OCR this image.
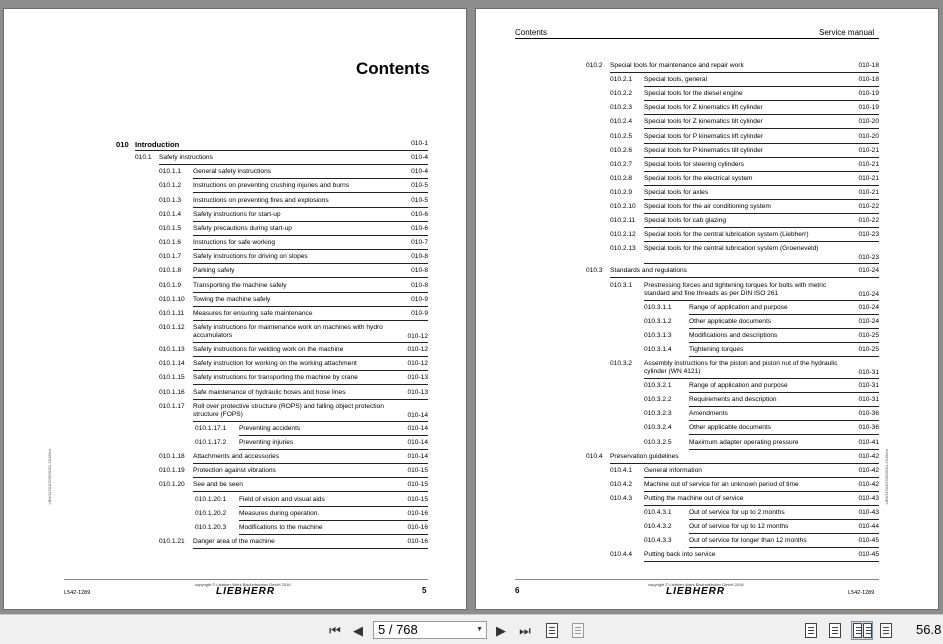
Contents
010 Introduction	010-1
010.1 Safety instructions	010-4
010.1.1 General safety instructions	010-4
010.1.2 Instructions on preventing crushing injuries and burns	010-5
010.1.3 Instructions on preventing fires and explosions	010-5
010.1.4 Safety instructions for start-up	010-6
010.1.5 Safety precautions during start-up	010-6
010.1.6 Instructions for safe working	010-7
010.1.7 Safety instructions for driving on slopes	010-8
010.1.8 Parking safely	010-8
010.1.9 Transporting the machine safely	010-8
010.1.10 Towing the machine safely	010-9
010.1.11 Measures for ensuring safe maintenance	010-9
010.1.12 Safety instructions for maintenance work on machines with hydro accumulators	010-12
010.1.13 Safety instructions for welding work on the machine	010-12
010.1.14 Safety instruction for working on the working attachment	010-12
010.1.15 Safety instructions for transporting the machine by crane	010-13
010.1.16 Safe maintenance of hydraulic hoses and hose lines	010-13
010.1.17 Roll over protective structure (ROPS) and falling object protection structure (FOPS)	010-14
010.1.17.1 Preventing accidents	010-14
010.1.17.2 Preventing injuries	010-14
010.1.18 Attachments and accessories	010-14
010.1.19 Protection against vibrations	010-15
010.1.20 See and be seen	010-15
010.1.20.1 Field of vision and visual aids	010-15
010.1.20.2 Measures during operation.	010-16
010.1.20.3 Modifications to the machine	010-16
010.1.21 Danger area of the machine	010-16
LBH/11501/290509/01-2016/en
copyright © Liebherr-Werk Bischofshofen GmbH 2016
LIEBHERR
L542-1289	5
Contents	Service manual
010.2 Special tools for maintenance and repair work	010-18
010.2.1 Special tools, general	010-18
010.2.2 Special tools for the diesel engine	010-19
010.2.3 Special tools for Z kinematics lift cylinder	010-19
010.2.4 Special tools for Z kinematics tilt cylinder	010-20
010.2.5 Special tools for P kinematics lift cylinder	010-20
010.2.6 Special tools for P kinematics tilt cylinder	010-21
010.2.7 Special tools for steering cylinders	010-21
010.2.8 Special tools for the electrical system	010-21
010.2.9 Special tools for axles	010-21
010.2.10 Special tools for the air conditioning system	010-22
010.2.11 Special tools for cab glazing	010-22
010.2.12 Special tools for the central lubrication system (Liebherr)	010-23
010.2.13 Special tools for the central lubrication system (Groeneveld)
010-23
010.3 Standards and regulations	010-24
010.3.1 Prestressing forces and tightening torques for bolts with metric standard and fine threads as per DIN ISO 261	010-24
010.3.1.1	Range of application and purpose	010-24
010.3.1.2	Other applicable documents	010-24
010.3.1.3	Modifications and descriptions	010-25
010.3.1.4	Tightening torques	010-25
010.3.2 Assembly instructions for the piston and piston nut of the hydraulic cylinder (WN 4121)	010-31
010.3.2.1	Range of application and purpose	010-31
010.3.2.2	Requirements and description	010-31
010.3.2.3	Amendments	010-36
010.3.2.4	Other applicable documents	010-36
010.3.2.5	Maximum adapter operating pressure	010-41
010.4 Preservation guidelines	010-42
010.4.1 General information	010-42
010.4.2 Machine out of service for an unknown period of time	010-42
010.4.3 Putting the machine out of service	010-43
010.4.3.1	Out of service for up to 2 months	010-43
010.4.3.2	Out of service for up to 12 months	010-44
010.4.3.3	Out of service for longer than 12 months	010-45
010.4.4 Putting back into service	010-45
LBH/11501/290509/01-2016/en
copyright © Liebherr-Werk Bischofshofen GmbH 2016
LIEBHERR	L542-1289
6
⏮ ◀	5 / 768	▼ ▶ ⏭	56.8
